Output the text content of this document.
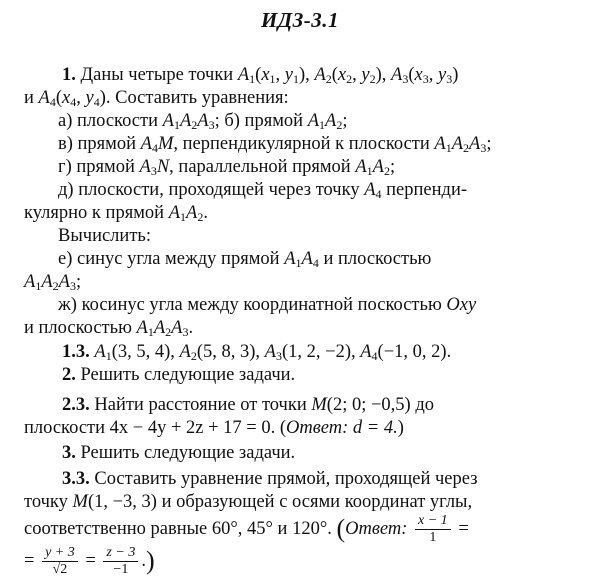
ИДЗ-3.1
1. Даны четыре точки $A_1(x_1$, $y_1$), $A_2(x_2$, $y_2$), $A_3(x_3$, $y_3$)
и $A_4(x_4$, $y_4$). Составить уравнения:
а) плоскости $A_1A_2A_3$; б) прямой $A_1A_2$;
в) прямой $A_4M$, перпендикулярной к плоскости $A_1A_2A_3$;
г) прямой $A_3N$, параллельной прямой $A_1A_2$;
д) плоскости, проходящей через точку $A_4$ перпенди-
кулярно к прямой $A_1A_2$.
Вычислить:
е) синус угла между прямой $A_1A_4$ и плоскостью
$A_1A_2A_3$;
ж) косинус угла между координатной поскостью Oxy
и плоскостью $A_1A_2A_3$.
1.3. $A_1(3$, 5, 4), $A_2(5$, 8, 3), $A_3(1$, 2, −2), $A_4(-1$, 0, 2).
2. Решить следующие задачи.
2.3. Найти расстояние от точки M(2; 0; −0,5) до
плоскости 4x − 4y + 2z + 17 = 0. (Ответ: d = 4.)
3. Решить следующие задачи.
3.3. Составить уравнение прямой, проходящей через
точку M(1, −3, 3) и образующей с осями координат углы,
соответственно равные 60°, 45° и 120°. (Ответ: $\frac{x - 1}{1}$ =
= $\frac{y + 3}{√2} = \frac{z - 3}{-1}$ .)
